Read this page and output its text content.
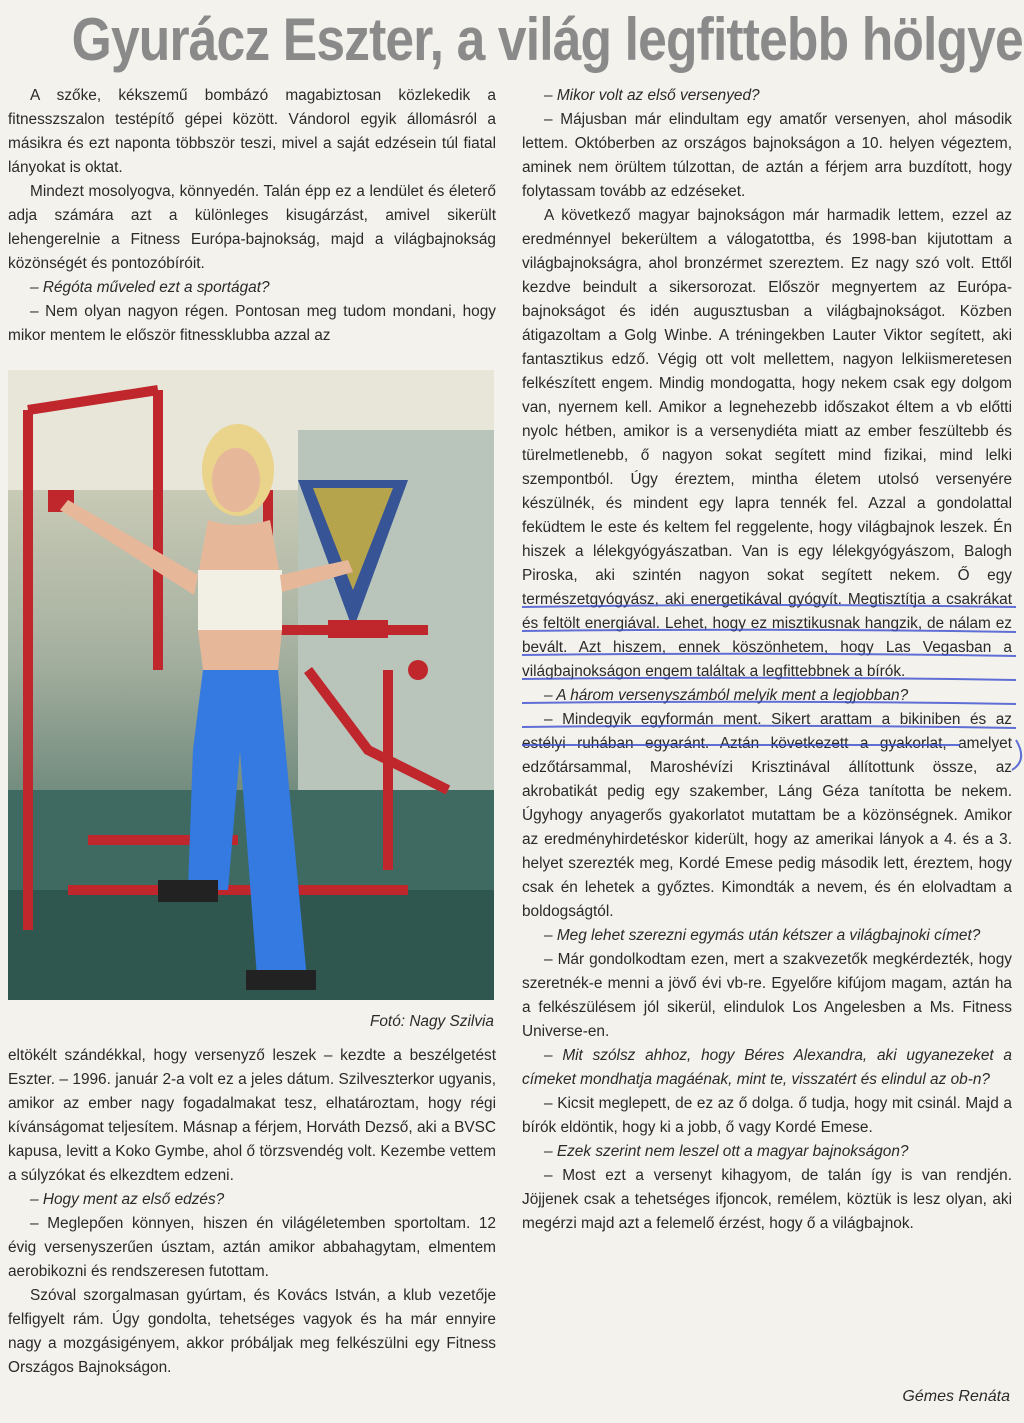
Gyurácz Eszter, a világ legfittebb hölgye

A szőke, kékszemű bombázó magabiztosan közlekedik a fitnesszszalon testépítő gépei között. Vándorol egyik állomásról a másikra és ezt naponta többször teszi, mivel a saját edzésein túl fiatal lányokat is oktat.

Mindezt mosolyogva, könnyedén. Talán épp ez a lendület és életerő adja számára azt a különleges kisugárzást, amivel sikerült lehengerelnie a Fitness Európa-bajnokság, majd a világbajnokság közönségét és pontozóbíróit.

– Régóta műveled ezt a sportágat?

– Nem olyan nagyon régen. Pontosan meg tudom mondani, hogy mikor mentem le először fitnessklubba azzal az

Fotó: Nagy Szilvia

eltökélt szándékkal, hogy versenyző leszek – kezdte a beszélgetést Eszter. – 1996. január 2-a volt ez a jeles dátum. Szilveszterkor ugyanis, amikor az ember nagy fogadalmakat tesz, elhatároztam, hogy régi kívánságomat teljesítem. Másnap a férjem, Horváth Dezső, aki a BVSC kapusa, levitt a Koko Gymbe, ahol ő törzsvendég volt. Kezembe vettem a súlyzókat és elkezdtem edzeni.

– Hogy ment az első edzés?

– Meglepően könnyen, hiszen én világéletemben sportoltam. 12 évig versenyszerűen úsztam, aztán amikor abbahagytam, elmentem aerobikozni és rendszeresen futottam.

Szóval szorgalmasan gyúrtam, és Kovács István, a klub vezetője felfigyelt rám. Úgy gondolta, tehetséges vagyok és ha már ennyire nagy a mozgásigényem, akkor próbáljak meg felkészülni egy Fitness Országos Bajnokságon.

– Mikor volt az első versenyed?

– Májusban már elindultam egy amatőr versenyen, ahol második lettem. Októberben az országos bajnokságon a 10. helyen végeztem, aminek nem örültem túlzottan, de aztán a férjem arra buzdított, hogy folytassam tovább az edzéseket.

A következő magyar bajnokságon már harmadik lettem, ezzel az eredménnyel bekerültem a válogatottba, és 1998-ban kijutottam a világbajnokságra, ahol bronzérmet szereztem. Ez nagy szó volt. Ettől kezdve beindult a sikersorozat. Először megnyertem az Európa-bajnokságot és idén augusztusban a világbajnokságot. Közben átigazoltam a Golg Winbe. A tréningekben Lauter Viktor segített, aki fantasztikus edző. Végig ott volt mellettem, nagyon lelkiismeretesen felkészített engem. Mindig mondogatta, hogy nekem csak egy dolgom van, nyernem kell. Amikor a legnehezebb időszakot éltem a vb előtti nyolc hétben, amikor is a versenydiéta miatt az ember feszültebb és türelmetlenebb, ő nagyon sokat segített mind fizikai, mind lelki szempontból. Úgy éreztem, mintha életem utolsó versenyére készülnék, és mindent egy lapra tennék fel. Azzal a gondolattal feküdtem le este és keltem fel reggelente, hogy világbajnok leszek. Én hiszek a lélekgyógyászatban. Van is egy lélekgyógyászom, Balogh Piroska, aki szintén nagyon sokat segített nekem. Ő egy természetgyógyász, aki energetikával gyógyít. Megtisztítja a csakrákat és feltölt energiával. Lehet, hogy ez misztikusnak hangzik, de nálam ez bevált. Azt hiszem, ennek köszönhetem, hogy Las Vegasban a világbajnokságon engem találtak a legfittebbnek a bírók.

– A három versenyszámból melyik ment a legjobban?

– Mindegyik egyformán ment. Sikert arattam a bikiniben és az estélyi ruhában egyaránt. Aztán következett a gyakorlat, amelyet edzőtársammal, Maroshévízi Krisztinával állítottunk össze, az akrobatikát pedig egy szakember, Láng Géza tanította be nekem. Úgyhogy anyagerős gyakorlatot mutattam be a közönségnek. Amikor az eredményhirdetéskor kiderült, hogy az amerikai lányok a 4. és a 3. helyet szerezték meg, Kordé Emese pedig második lett, éreztem, hogy csak én lehetek a győztes. Kimondták a nevem, és én elolvadtam a boldogságtól.

– Meg lehet szerezni egymás után kétszer a világbajnoki címet?

– Már gondolkodtam ezen, mert a szakvezetők megkérdezték, hogy szeretnék-e menni a jövő évi vb-re. Egyelőre kifújom magam, aztán ha a felkészülésem jól sikerül, elindulok Los Angelesben a Ms. Fitness Universe-en.

– Mit szólsz ahhoz, hogy Béres Alexandra, aki ugyanezeket a címeket mondhatja magáénak, mint te, visszatért és elindul az ob-n?

– Kicsit meglepett, de ez az ő dolga. ő tudja, hogy mit csinál. Majd a bírók eldöntik, hogy ki a jobb, ő vagy Kordé Emese.

– Ezek szerint nem leszel ott a magyar bajnokságon?

– Most ezt a versenyt kihagyom, de talán így is van rendjén. Jöjjenek csak a tehetséges ifjoncok, remélem, köztük is lesz olyan, aki megérzi majd azt a felemelő érzést, hogy ő a világbajnok.

Gémes Renáta
